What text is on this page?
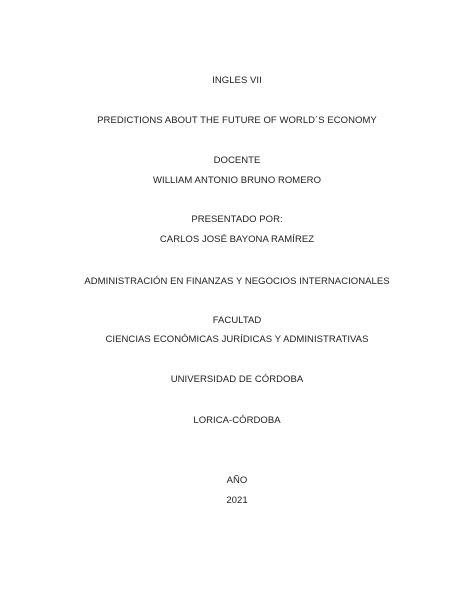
INGLES VII
PREDICTIONS ABOUT THE FUTURE OF WORLD´S ECONOMY
DOCENTE
WILLIAM ANTONIO BRUNO ROMERO
PRESENTADO POR:
CARLOS JOSÉ BAYONA RAMÍREZ
ADMINISTRACIÓN EN FINANZAS Y NEGOCIOS INTERNACIONALES
FACULTAD
CIENCIAS ECONÓMICAS JURÍDICAS Y ADMINISTRATIVAS
UNIVERSIDAD DE CÓRDOBA
LORICA-CÓRDOBA
AÑO
2021
